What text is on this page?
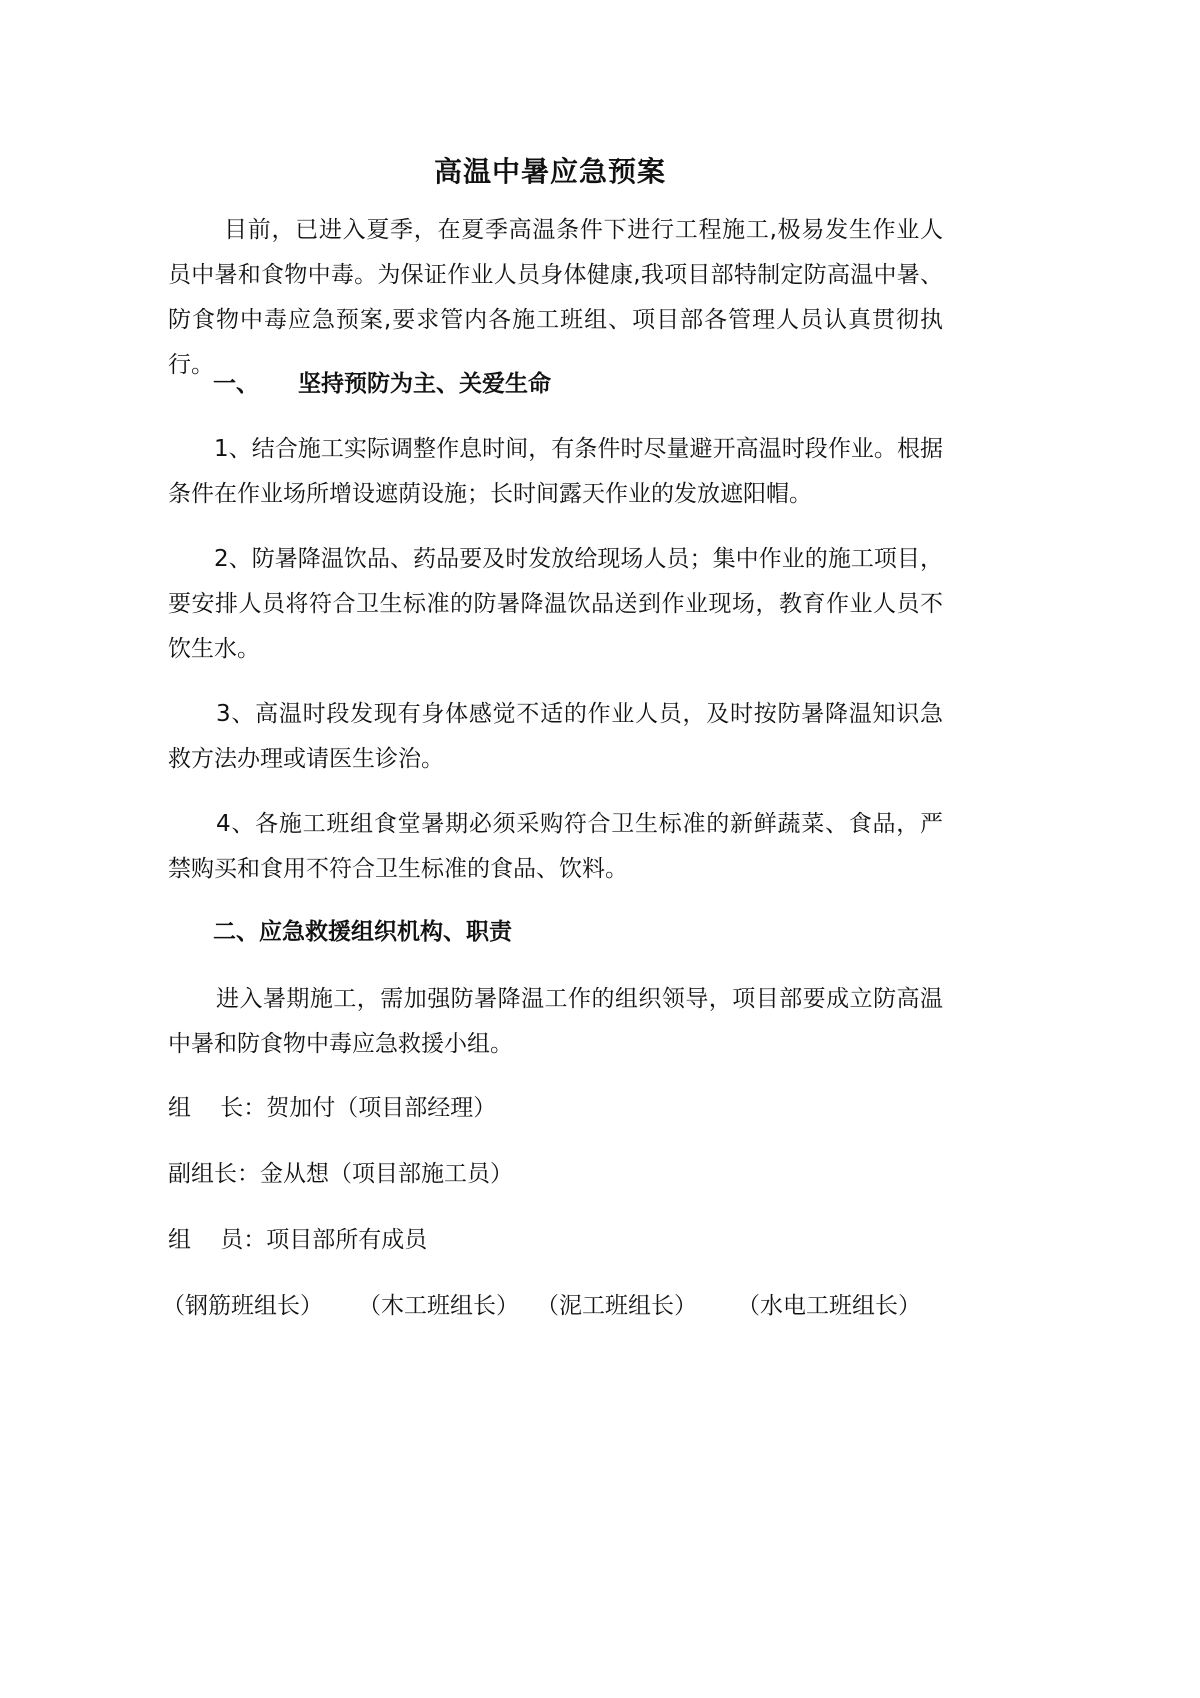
高温中暑应急预案
目前，已进入夏季，在夏季高温条件下进行工程施工,极易发生作业人员中暑和食物中毒。为保证作业人员身体健康,我项目部特制定防高温中暑、防食物中毒应急预案,要求管内各施工班组、项目部各管理人员认真贯彻执行。
一、 坚持预防为主、关爱生命
1、结合施工实际调整作息时间，有条件时尽量避开高温时段作业。根据条件在作业场所增设遮荫设施；长时间露天作业的发放遮阳帽。
2、防暑降温饮品、药品要及时发放给现场人员；集中作业的施工项目，要安排人员将符合卫生标准的防暑降温饮品送到作业现场，教育作业人员不饮生水。
3、高温时段发现有身体感觉不适的作业人员，及时按防暑降温知识急救方法办理或请医生诊治。
4、各施工班组食堂暑期必须采购符合卫生标准的新鲜蔬菜、食品，严禁购买和食用不符合卫生标准的食品、饮料。
二、应急救援组织机构、职责
进入暑期施工，需加强防暑降温工作的组织领导，项目部要成立防高温中暑和防食物中毒应急救援小组。
组    长：贺加付（项目部经理）
副组长：金从想（项目部施工员）
组    员：项目部所有成员
（钢筋班组长） （木工班组长） （泥工班组长） （水电工班组长）
